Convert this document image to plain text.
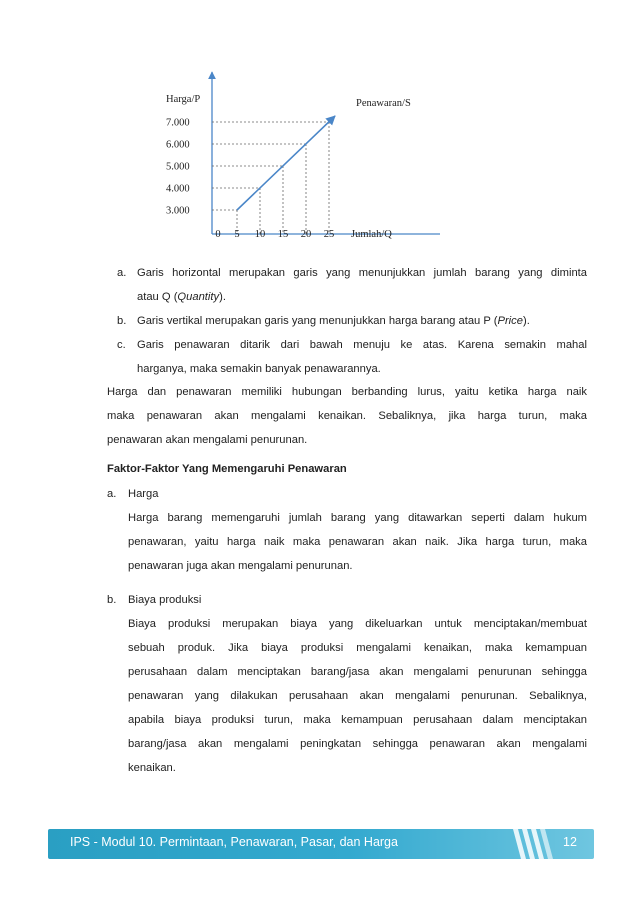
3.000
4.000
5.000
6.000
7.000
0 5 10 15 20 25
Harga/P	Penawaran/S
Jumlah/Q
a. Garis horizontal merupakan garis yang menunjukkan jumlah barang yang diminta
atau Q (Quantity).
b. Garis vertikal merupakan garis yang menunjukkan harga barang atau P (Price).
c. Garis penawaran ditarik dari bawah menuju ke atas. Karena semakin mahal
harganya, maka semakin banyak penawarannya.
Harga dan penawaran memiliki hubungan berbanding lurus, yaitu ketika harga naik
maka penawaran akan mengalami kenaikan. Sebaliknya, jika harga turun, maka
penawaran akan mengalami penurunan.
Faktor-Faktor Yang Memengaruhi Penawaran
a. Harga
Harga barang memengaruhi jumlah barang yang ditawarkan seperti dalam hukum
penawaran, yaitu harga naik maka penawaran akan naik. Jika harga turun, maka
penawaran juga akan mengalami penurunan.
b. Biaya produksi
Biaya produksi merupakan biaya yang dikeluarkan untuk menciptakan/membuat
sebuah produk. Jika biaya produksi mengalami kenaikan, maka kemampuan
perusahaan dalam menciptakan barang/jasa akan mengalami penurunan sehingga
penawaran yang dilakukan perusahaan akan mengalami penurunan. Sebaliknya,
apabila biaya produksi turun, maka kemampuan perusahaan dalam menciptakan
barang/jasa akan mengalami peningkatan sehingga penawaran akan mengalami
kenaikan.
IPS - Modul 10. Permintaan, Penawaran, Pasar, dan Harga	12
